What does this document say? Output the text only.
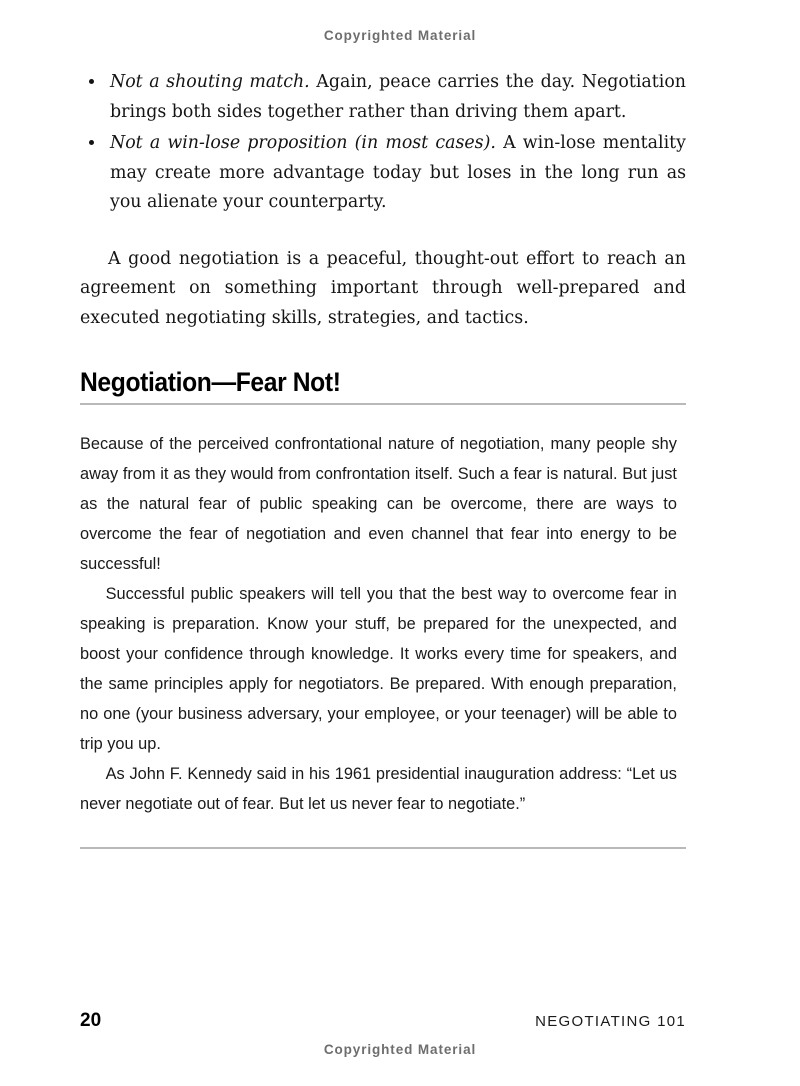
Copyrighted Material
Not a shouting match. Again, peace carries the day. Negotiation brings both sides together rather than driving them apart.
Not a win-lose proposition (in most cases). A win-lose mentality may create more advantage today but loses in the long run as you alienate your counterparty.

A good negotiation is a peaceful, thought-out effort to reach an agreement on something important through well-prepared and executed negotiating skills, strategies, and tactics.

Negotiation—Fear Not!

Because of the perceived confrontational nature of negotiation, many people shy away from it as they would from confrontation itself. Such a fear is natural. But just as the natural fear of public speaking can be overcome, there are ways to overcome the fear of negotiation and even channel that fear into energy to be successful!

Successful public speakers will tell you that the best way to overcome fear in speaking is preparation. Know your stuff, be prepared for the unexpected, and boost your confidence through knowledge. It works every time for speakers, and the same principles apply for negotiators. Be prepared. With enough preparation, no one (your business adversary, your employee, or your teenager) will be able to trip you up.

As John F. Kennedy said in his 1961 presidential inauguration address: “Let us never negotiate out of fear. But let us never fear to negotiate.”

20	NEGOTIATING 101
Copyrighted Material
